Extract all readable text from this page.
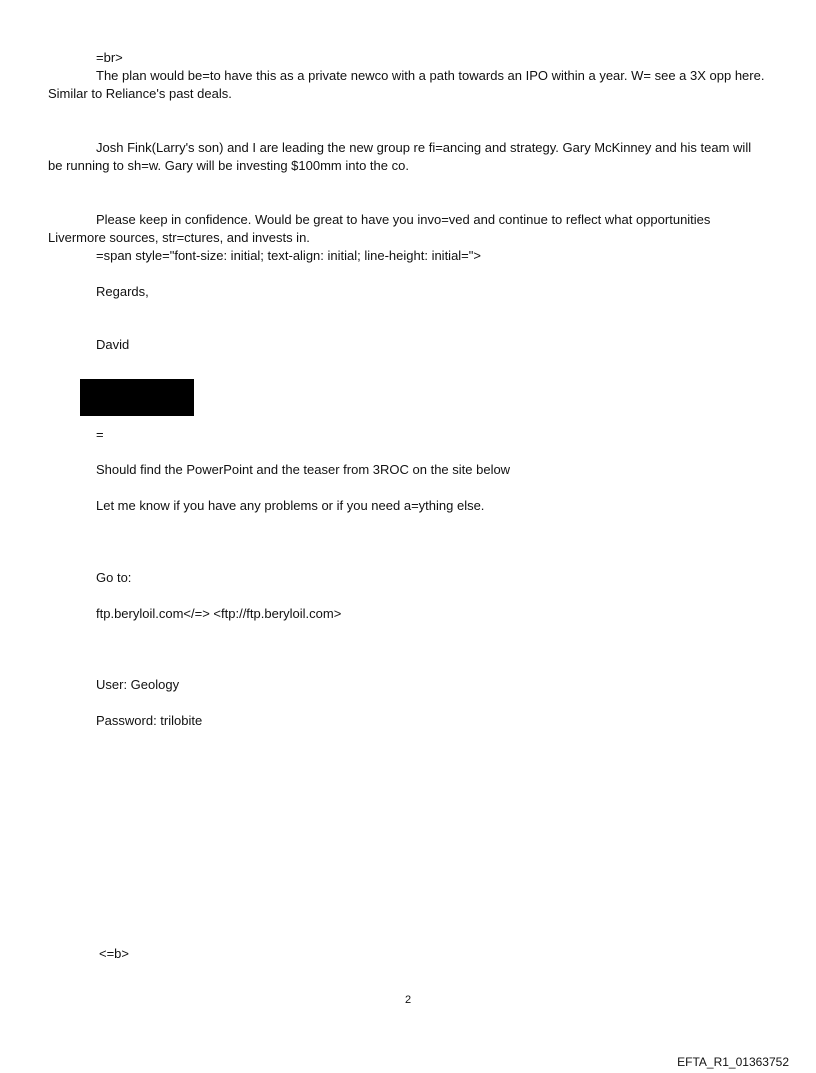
=br>
The plan would be=to have this as a private newco with a path towards an IPO within a year. W= see a 3X opp here. Similar to Reliance's past deals.
Josh Fink(Larry's son) and I are leading the new group re fi=ancing and strategy. Gary McKinney and his team will be running to sh=w. Gary will be investing $100mm into the co.
Please keep in confidence. Would be great to have you invo=ved and continue to reflect what opportunities Livermore sources, str=ctures, and invests in.
=span style="font-size: initial; text-align: initial; line-height: initial=">
Regards,
David
=
Should find the PowerPoint and the teaser from 3ROC on the site below
Let me know if you have any problems or if you need a=ything else.
Go to:
ftp.beryloil.com</=> <ftp://ftp.beryloil.com>
User: Geology
Password: trilobite
<=b>
2
EFTA_R1_01363752
